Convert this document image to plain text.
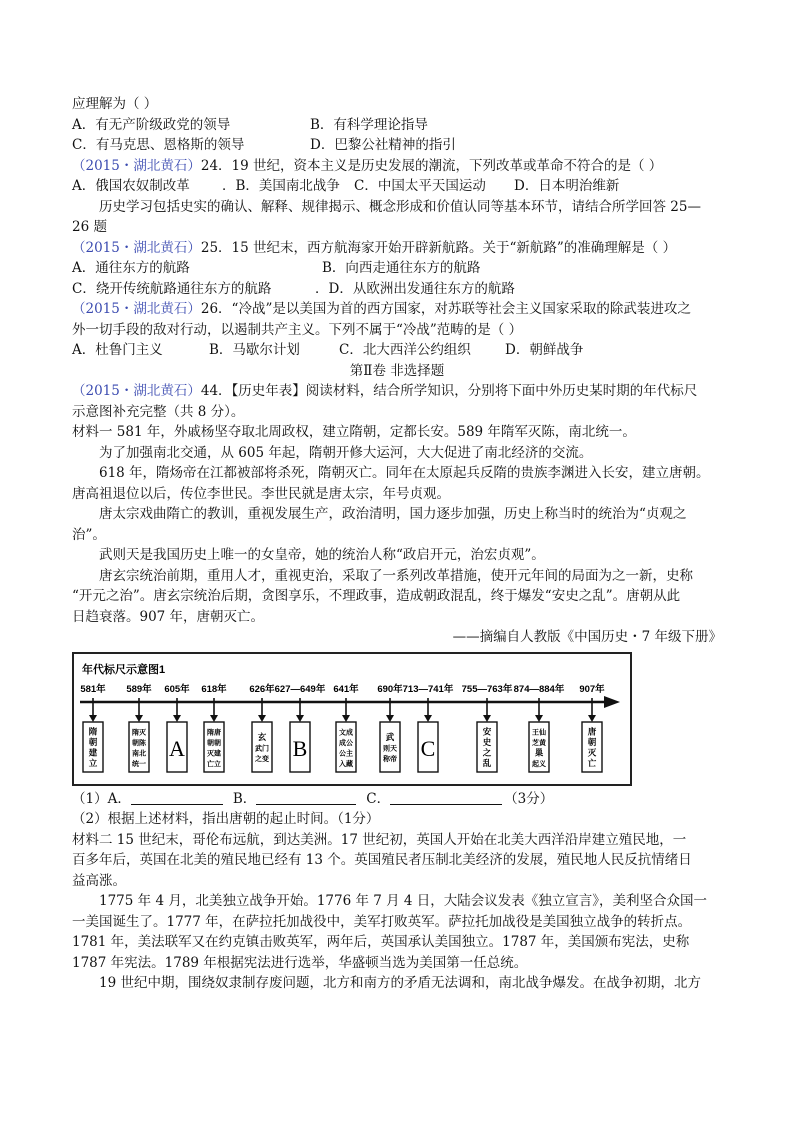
应理解为（ ）
A．有无产阶级政党的领导	B．有科学理论指导
C．有马克思、恩格斯的领导	D．巴黎公社精神的指引
（2015・湖北黄石）24．19 世纪，资本主义是历史发展的潮流，下列改革或革命不符合的是（ ）
A．俄国农奴制改革 ．B．美国南北战争 C．中国太平天国运动 D．日本明治维新
历史学习包括史实的确认、解释、规律揭示、概念形成和价值认同等基本环节，请结合所学回答 25—
26 题
（2015・湖北黄石）25．15 世纪末，西方航海家开始开辟新航路。关于“新航路”的准确理解是（ ）
A．通往东方的航路	B．向西走通往东方的航路
C．绕开传统航路通往东方的航路	．D．从欧洲出发通往东方的航路
（2015・湖北黄石）26．“冷战”是以美国为首的西方国家，对苏联等社会主义国家采取的除武装进攻之
外一切手段的敌对行动，以遏制共产主义。下列不属于“冷战”范畴的是（ ）
A．杜鲁门主义	B．马歇尔计划	C．北大西洋公约组织	D．朝鲜战争
第Ⅱ卷 非选择题
（2015・湖北黄石）44．【历史年表】阅读材料，结合所学知识，分别将下面中外历史某时期的年代标尺
示意图补充完整（共 8 分）。
材料一 581 年，外戚杨坚夺取北周政权，建立隋朝，定都长安。589 年隋军灭陈，南北统一。
为了加强南北交通，从 605 年起，隋朝开修大运河，大大促进了南北经济的交流。
618 年，隋炀帝在江都被部将杀死，隋朝灭亡。同年在太原起兵反隋的贵族李渊进入长安，建立唐朝。
唐高祖退位以后，传位李世民。李世民就是唐太宗，年号贞观。
唐太宗戏曲隋亡的教训，重视发展生产，政治清明，国力逐步加强，历史上称当时的统治为“贞观之
治”。
武则天是我国历史上唯一的女皇帝，她的统治人称“政启开元，治宏贞观”。
唐玄宗统治前期，重用人才，重视吏治，采取了一系列改革措施，使开元年间的局面为之一新，史称
“开元之治”。唐玄宗统治后期，贪图享乐，不理政事，造成朝政混乱，终于爆发“安史之乱”。唐朝从此
日趋衰落。907 年，唐朝灭亡。
——摘编自人教版《中国历史・7 年级下册》
年代标尺示意图1
581年
隋
朝
建
立
589年
隋灭
朝陈
南北
统一
605年
A
618年
隋唐
朝朝
灭建
亡立
626年
玄
武门
之变
627—649年
B
641年
文成
成公
公主
入藏
690年
武
则天
称帝
713—741年
C
755—763年
安
史
之
乱
874—884年
王仙
芝黄
巢
起义
907年
唐
朝
灭
亡
（1）A．	B．	C．	（3分）
（2）根据上述材料，指出唐朝的起止时间。（1分）
材料二 15 世纪末，哥伦布远航，到达美洲。17 世纪初，英国人开始在北美大西洋沿岸建立殖民地，一
百多年后，英国在北美的殖民地已经有 13 个。英国殖民者压制北美经济的发展，殖民地人民反抗情绪日
益高涨。
1775 年 4 月，北美独立战争开始。1776 年 7 月 4 日，大陆会议发表《独立宣言》，美利坚合众国一
一美国诞生了。1777 年，在萨拉托加战役中，美军打败英军。萨拉托加战役是美国独立战争的转折点。
1781 年，美法联军又在约克镇击败英军，两年后，英国承认美国独立。1787 年，美国颁布宪法，史称
1787 年宪法。1789 年根据宪法进行选举，华盛顿当选为美国第一任总统。
19 世纪中期，围绕奴隶制存废问题，北方和南方的矛盾无法调和，南北战争爆发。在战争初期，北方
